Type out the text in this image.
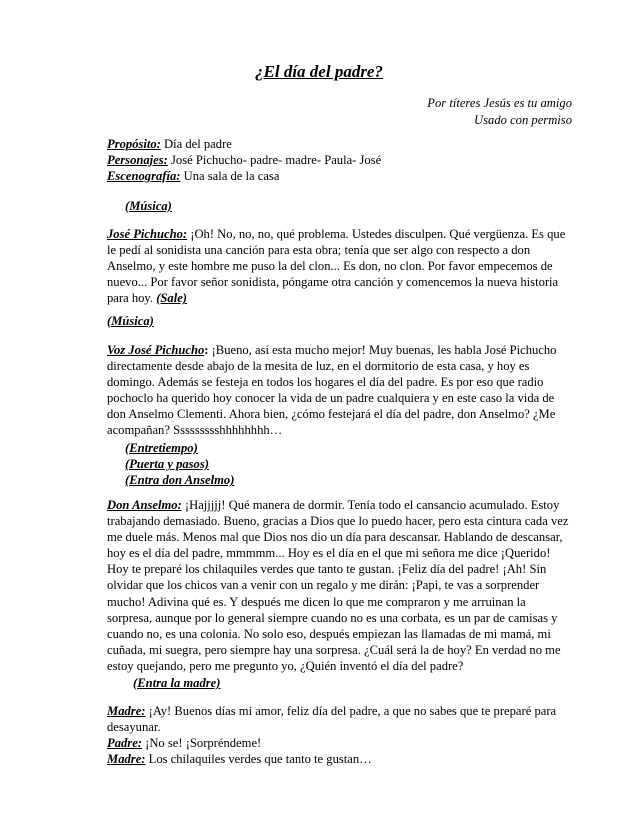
¿El día del padre?
Por títeres Jesús es tu amigo
Usado con permiso
Propósito: Día del padre
Personajes: José Pichucho- padre- madre- Paula- José
Escenografía: Una sala de la casa
(Música)
José Pichucho: ¡Oh! No, no, no, qué problema. Ustedes disculpen. Qué vergüenza. Es que
le pedí al sonidista una canción para esta obra; tenía que ser algo con respecto a don
Anselmo, y este hombre me puso la del clon... Es don, no clon. Por favor empecemos de
nuevo... Por favor señor sonidista, póngame otra canción y comencemos la nueva historia
para hoy. (Sale)
(Música)
Voz José Pichucho: ¡Bueno, así esta mucho mejor! Muy buenas, les habla José Pichucho
directamente desde abajo de la mesita de luz, en el dormitorio de esta casa, y hoy es
domingo. Además se festeja en todos los hogares el día del padre. Es por eso que radio
pochoclo ha querido hoy conocer la vida de un padre cualquiera y en este caso la vida de
don Anselmo Clementi. Ahora bien, ¿cómo festejará el día del padre, don Anselmo? ¿Me
acompañan? Ssssssssshhhhhhhh…
(Entretiempo)
(Puerta y pasos)
(Entra don Anselmo)
Don Anselmo: ¡Hajjjjj! Qué manera de dormir. Tenía todo el cansancio acumulado. Estoy
trabajando demasiado. Bueno, gracias a Dios que lo puedo hacer, pero esta cintura cada vez
me duele más. Menos mal que Dios nos dio un día para descansar. Hablando de descansar,
hoy es el día del padre, mmmmm... Hoy es el día en el que mi señora me dice ¡Querido!
Hoy te preparé los chilaquiles verdes que tanto te gustan. ¡Feliz día del padre! ¡Ah! Sin
olvidar que los chicos van a venir con un regalo y me dirán: ¡Papi, te vas a sorprender
mucho! Adivina qué es. Y después me dicen lo que me compraron y me arruinan la
sorpresa, aunque por lo general siempre cuando no es una corbata, es un par de camisas y
cuando no, es una colonia. No solo eso, después empiezan las llamadas de mi mamá, mi
cuñada, mi suegra, pero siempre hay una sorpresa. ¿Cuál será la de hoy? En verdad no me
estoy quejando, pero me pregunto yo, ¿Quién inventó el día del padre?
(Entra la madre)
Madre: ¡Ay! Buenos días mi amor, feliz día del padre, a que no sabes que te preparé para
desayunar.
Padre: ¡No se! ¡Sorpréndeme!
Madre: Los chilaquiles verdes que tanto te gustan…
